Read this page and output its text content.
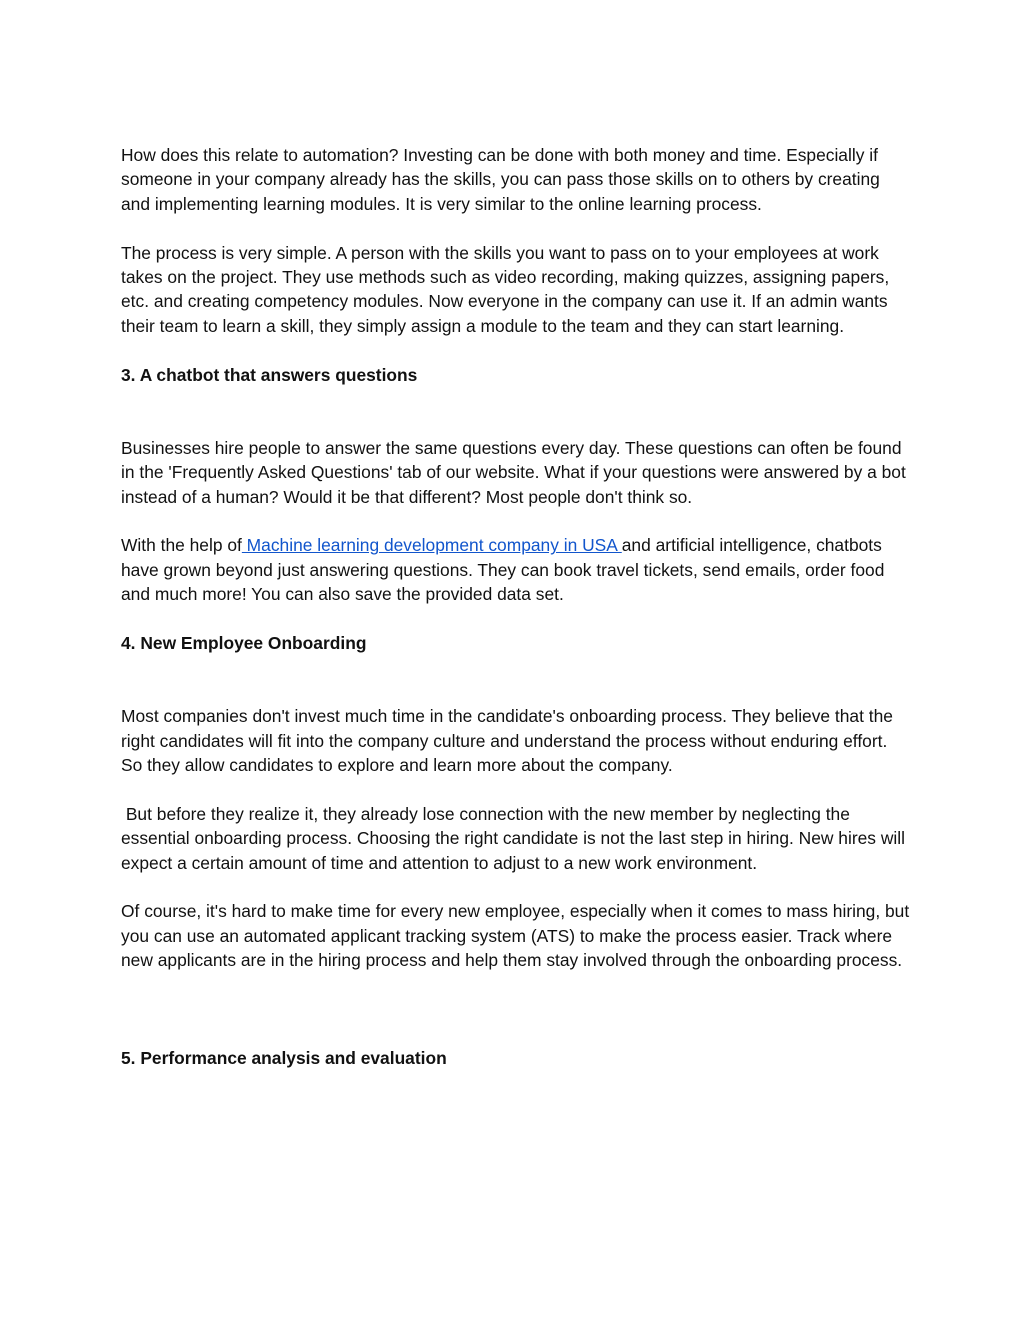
How does this relate to automation? Investing can be done with both money and time. Especially if someone in your company already has the skills, you can pass those skills on to others by creating and implementing learning modules. It is very similar to the online learning process.

The process is very simple. A person with the skills you want to pass on to your employees at work takes on the project. They use methods such as video recording, making quizzes, assigning papers, etc. and creating competency modules. Now everyone in the company can use it. If an admin wants their team to learn a skill, they simply assign a module to the team and they can start learning.

3. A chatbot that answers questions

Businesses hire people to answer the same questions every day. These questions can often be found in the 'Frequently Asked Questions' tab of our website. What if your questions were answered by a bot instead of a human? Would it be that different? Most people don't think so.

With the help of Machine learning development company in USA and artificial intelligence, chatbots have grown beyond just answering questions. They can book travel tickets, send emails, order food and much more! You can also save the provided data set.

4. New Employee Onboarding

Most companies don't invest much time in the candidate's onboarding process. They believe that the right candidates will fit into the company culture and understand the process without enduring effort. So they allow candidates to explore and learn more about the company.

But before they realize it, they already lose connection with the new member by neglecting the essential onboarding process. Choosing the right candidate is not the last step in hiring. New hires will expect a certain amount of time and attention to adjust to a new work environment.

Of course, it's hard to make time for every new employee, especially when it comes to mass hiring, but you can use an automated applicant tracking system (ATS) to make the process easier. Track where new applicants are in the hiring process and help them stay involved through the onboarding process.

5. Performance analysis and evaluation
